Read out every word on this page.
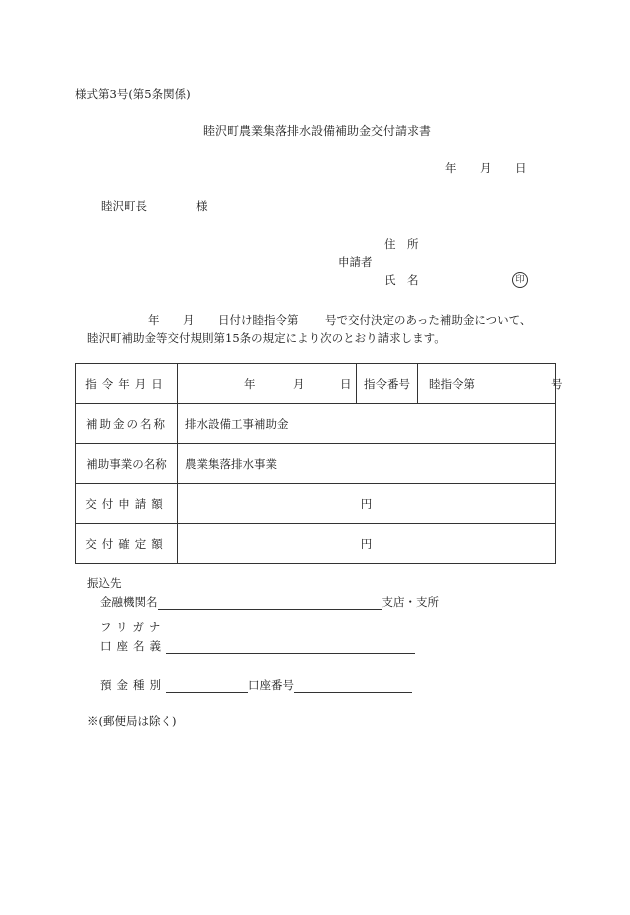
様式第3号(第5条関係)
睦沢町農業集落排水設備補助金交付請求書
年 月 日
睦沢町長	様
住　所
申請者
氏　名	印
年 月 日付け睦指令第 号で交付決定のあった補助金について、
睦沢町補助金等交付規則第15条の規定により次のとおり請求します。
指令年月日	年 月 日	指令番号	睦指令第 号

補助金の名称	排水設備工事補助金		
補助事業の名称	農業集落排水事業		
交付申請額	円		
交付確定額	円		
振込先
金融機関名	支店・支所
フリガナ
口座名義
預金種別	口座番号
※(郵便局は除く)
